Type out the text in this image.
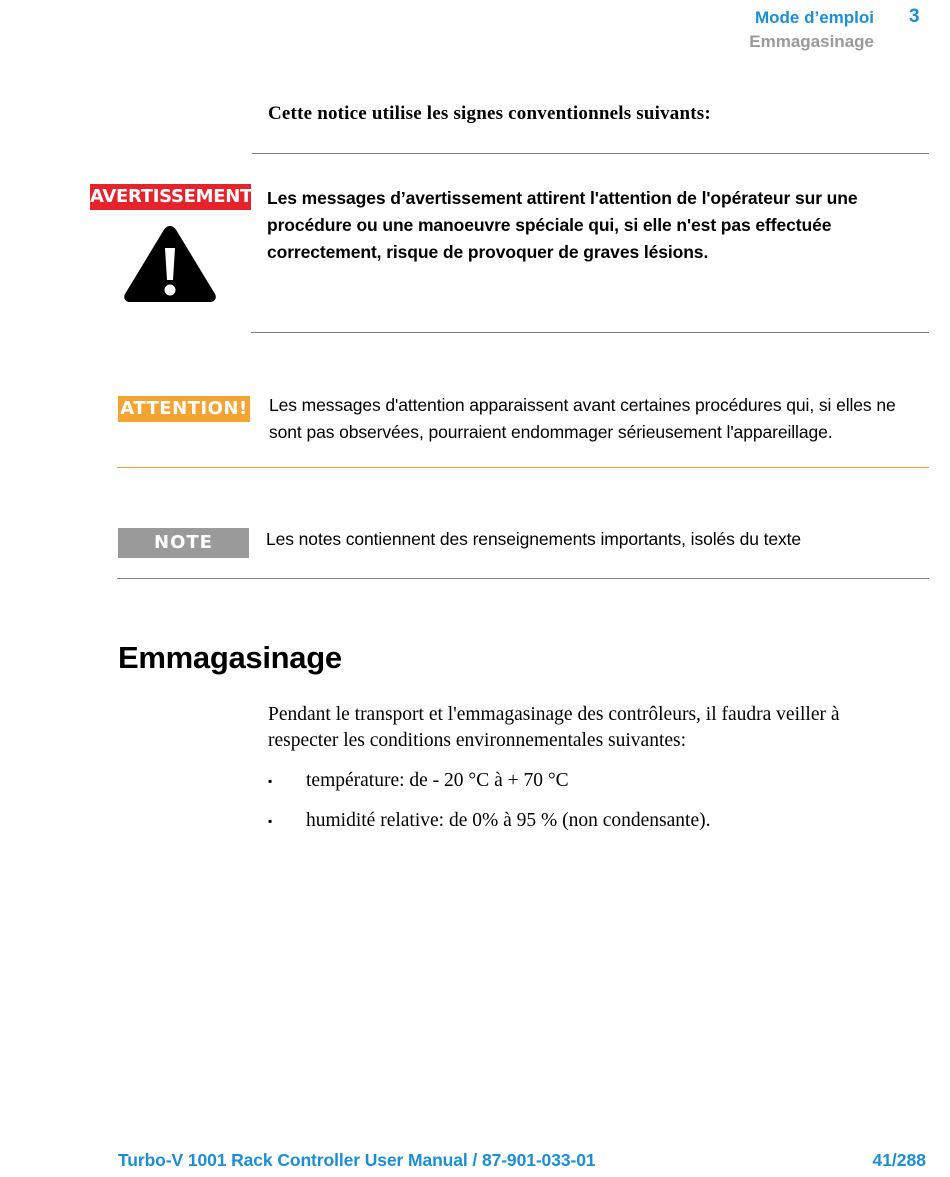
Mode d’emploi 3
Emmagasinage
Cette notice utilise les signes conventionnels suivants:
AVERTISSEMENT! Les messages d’avertissement attirent l'attention de l'opérateur sur une procédure ou une manoeuvre spéciale qui, si elle n'est pas effectuée correctement, risque de provoquer de graves lésions.
ATTENTION! Les messages d'attention apparaissent avant certaines procédures qui, si elles ne sont pas observées, pourraient endommager sérieusement l'appareillage.
NOTE	Les notes contiennent des renseignements importants, isolés du texte
Emmagasinage
Pendant le transport et l'emmagasinage des contrôleurs, il faudra veiller à respecter les conditions environnementales suivantes:
▪ température: de - 20 °C à + 70 °C
▪ humidité relative: de 0% à 95 % (non condensante).
Turbo-V 1001 Rack Controller User Manual / 87-901-033-01	41/288
